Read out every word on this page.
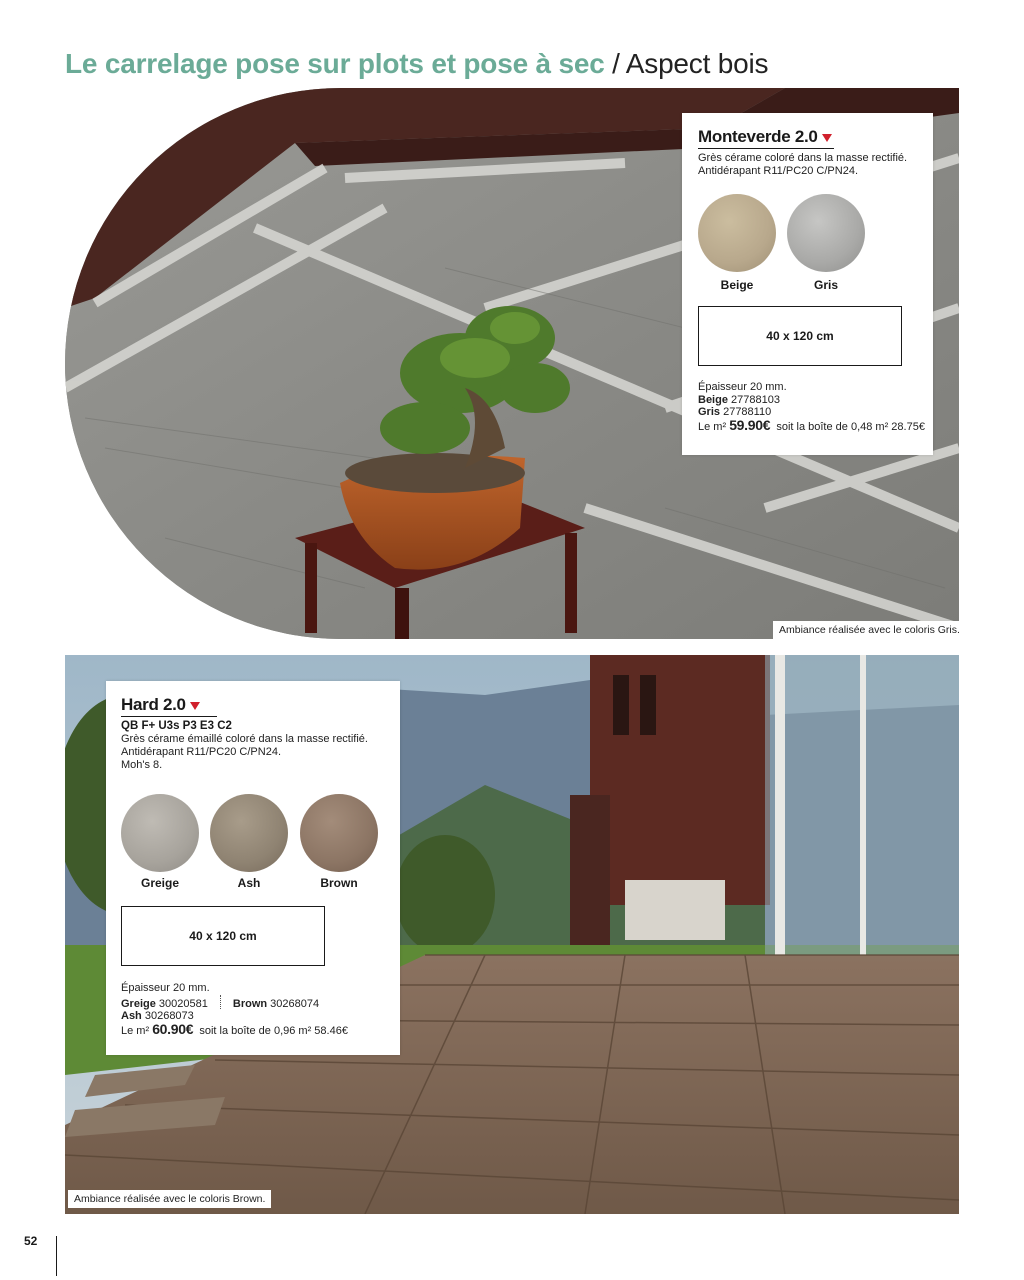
Le carrelage pose sur plots et pose à sec / Aspect bois
Monteverde 2.0
Grès cérame coloré dans la masse rectifié.
Antidérapant R11/PC20 C/PN24.
Beige	Gris
40 x 120 cm
Épaisseur 20 mm.
Beige 27788103
Gris 27788110
Le m² 59.90€ soit la boîte de 0,48 m² 28.75€
Hard 2.0
QB F+ U3s P3 E3 C2
Grès cérame émaillé coloré dans la masse rectifié.
Antidérapant R11/PC20 C/PN24.
Moh's 8.
Greige	Ash	Brown
40 x 120 cm
Épaisseur 20 mm.
Greige 30020581 Brown 30268074
Ash 30268073
Le m² 60.90€ soit la boîte de 0,96 m² 58.46€
Ambiance réalisée avec le coloris Gris.
Ambiance réalisée avec le coloris Brown.
52
